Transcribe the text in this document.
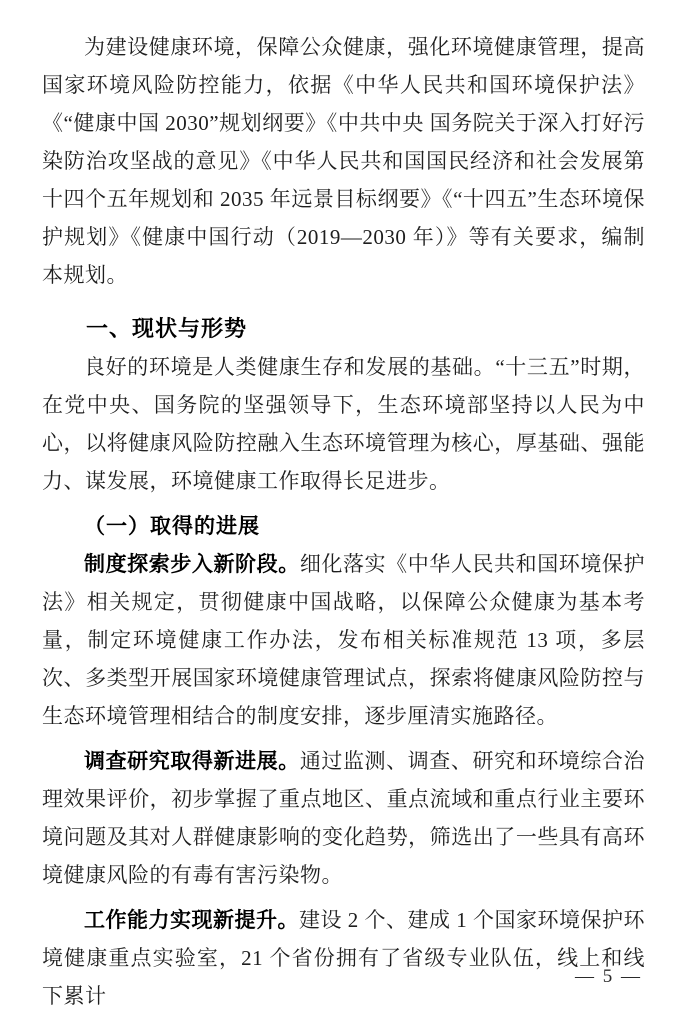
为建设健康环境，保障公众健康，强化环境健康管理，提高国家环境风险防控能力，依据《中华人民共和国环境保护法》《“健康中国 2030”规划纲要》《中共中央 国务院关于深入打好污染防治攻坚战的意见》《中华人民共和国国民经济和社会发展第十四个五年规划和 2035 年远景目标纲要》《“十四五”生态环境保护规划》《健康中国行动（2019—2030 年）》等有关要求，编制本规划。

一、现状与形势

良好的环境是人类健康生存和发展的基础。“十三五”时期，在党中央、国务院的坚强领导下，生态环境部坚持以人民为中心，以将健康风险防控融入生态环境管理为核心，厚基础、强能力、谋发展，环境健康工作取得长足进步。

（一）取得的进展

制度探索步入新阶段。细化落实《中华人民共和国环境保护法》相关规定，贯彻健康中国战略，以保障公众健康为基本考量，制定环境健康工作办法，发布相关标准规范 13 项，多层次、多类型开展国家环境健康管理试点，探索将健康风险防控与生态环境管理相结合的制度安排，逐步厘清实施路径。

调查研究取得新进展。通过监测、调查、研究和环境综合治理效果评价，初步掌握了重点地区、重点流域和重点行业主要环境问题及其对人群健康影响的变化趋势，筛选出了一些具有高环境健康风险的有毒有害污染物。

工作能力实现新提升。建设 2 个、建成 1 个国家环境保护环境健康重点实验室，21 个省份拥有了省级专业队伍，线上和线下累计

— 5 —
